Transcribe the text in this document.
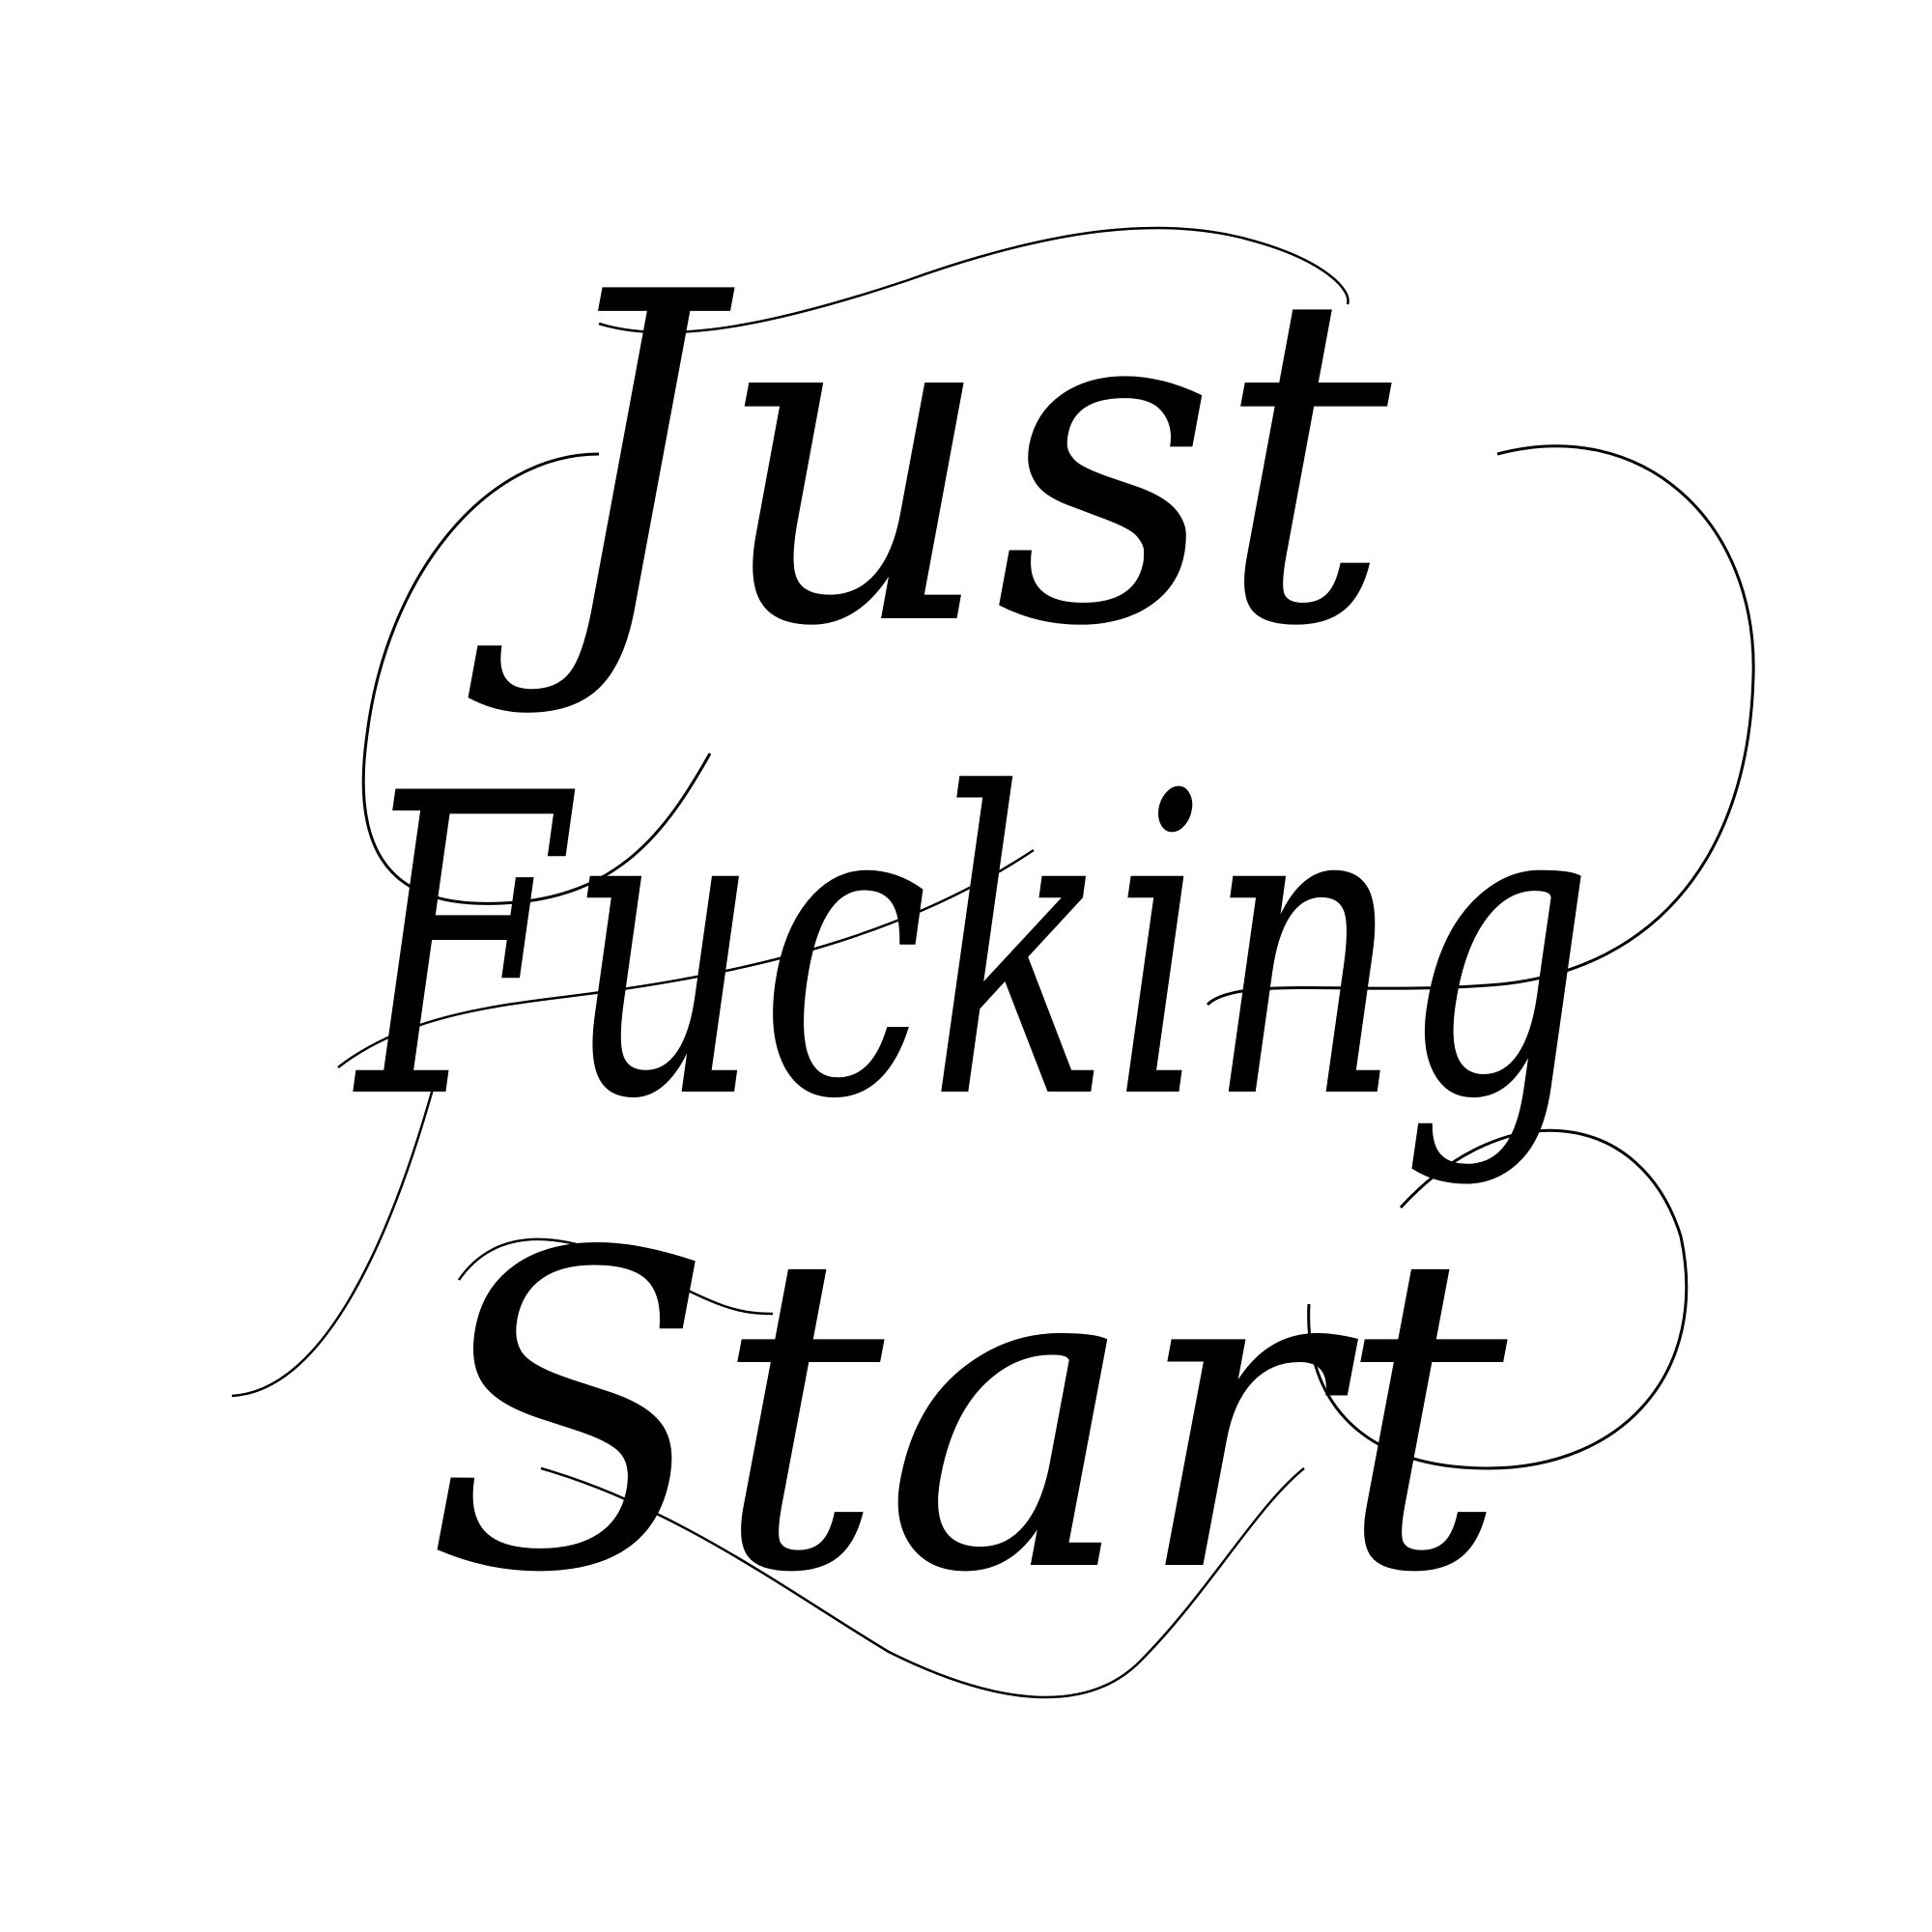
Just
Fucking
Start
